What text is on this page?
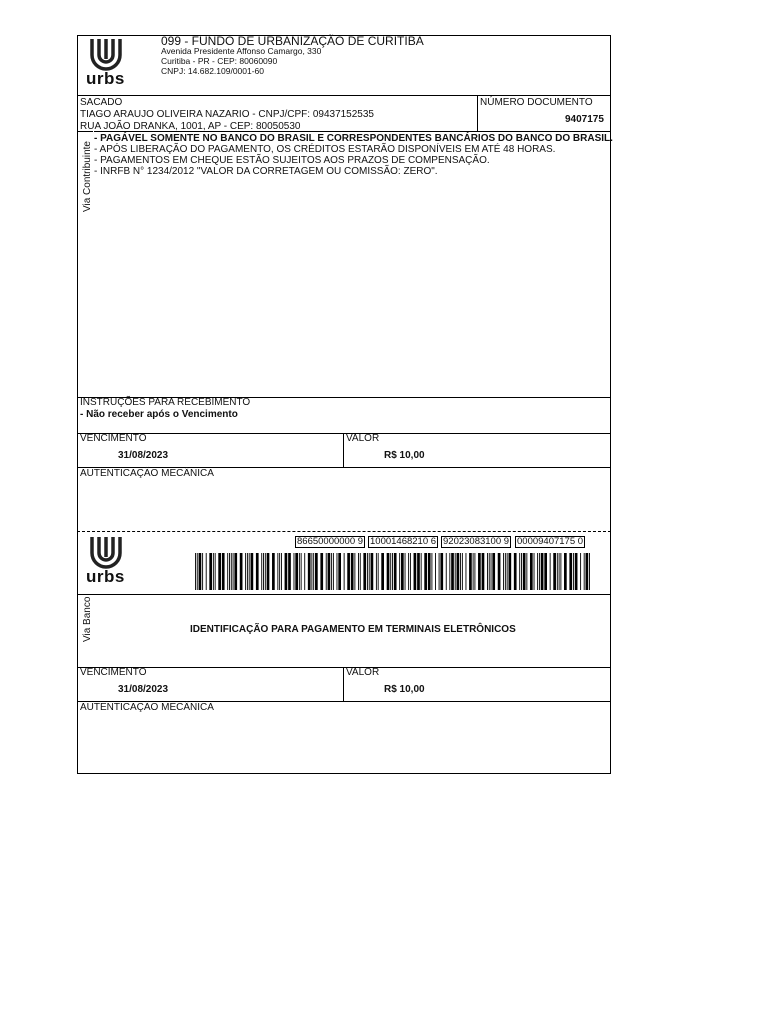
urbs
099 - FUNDO DE URBANIZAÇÃO DE CURITIBA
Avenida Presidente Affonso Camargo, 330
Curitiba - PR - CEP: 80060090
CNPJ: 14.682.109/0001-60
SACADO
TIAGO ARAUJO OLIVEIRA NAZARIO - CNPJ/CPF: 09437152535
RUA JOÃO DRANKA, 1001, AP - CEP: 80050530
NÚMERO DOCUMENTO
9407175
Via Contribuinte
- PAGÁVEL SOMENTE NO BANCO DO BRASIL E CORRESPONDENTES BANCÁRIOS DO BANCO DO BRASIL.
- APÓS LIBERAÇÃO DO PAGAMENTO, OS CRÉDITOS ESTARÃO DISPONÍVEIS EM ATÉ 48 HORAS.
- PAGAMENTOS EM CHEQUE ESTÃO SUJEITOS AOS PRAZOS DE COMPENSAÇÃO.
- INRFB N° 1234/2012 "VALOR DA CORRETAGEM OU COMISSÃO: ZERO".
INSTRUÇÕES PARA RECEBIMENTO
- Não receber após o Vencimento
VENCIMENTO
31/08/2023
VALOR
R$ 10,00
AUTENTICAÇÃO MECÂNICA
urbs
86650000000 9 10001468210 6 92023083100 9 00009407175 0
Via Banco	IDENTIFICAÇÃO PARA PAGAMENTO EM TERMINAIS ELETRÔNICOS
VENCIMENTO
31/08/2023
VALOR
R$ 10,00
AUTENTICAÇÃO MECÂNICA
